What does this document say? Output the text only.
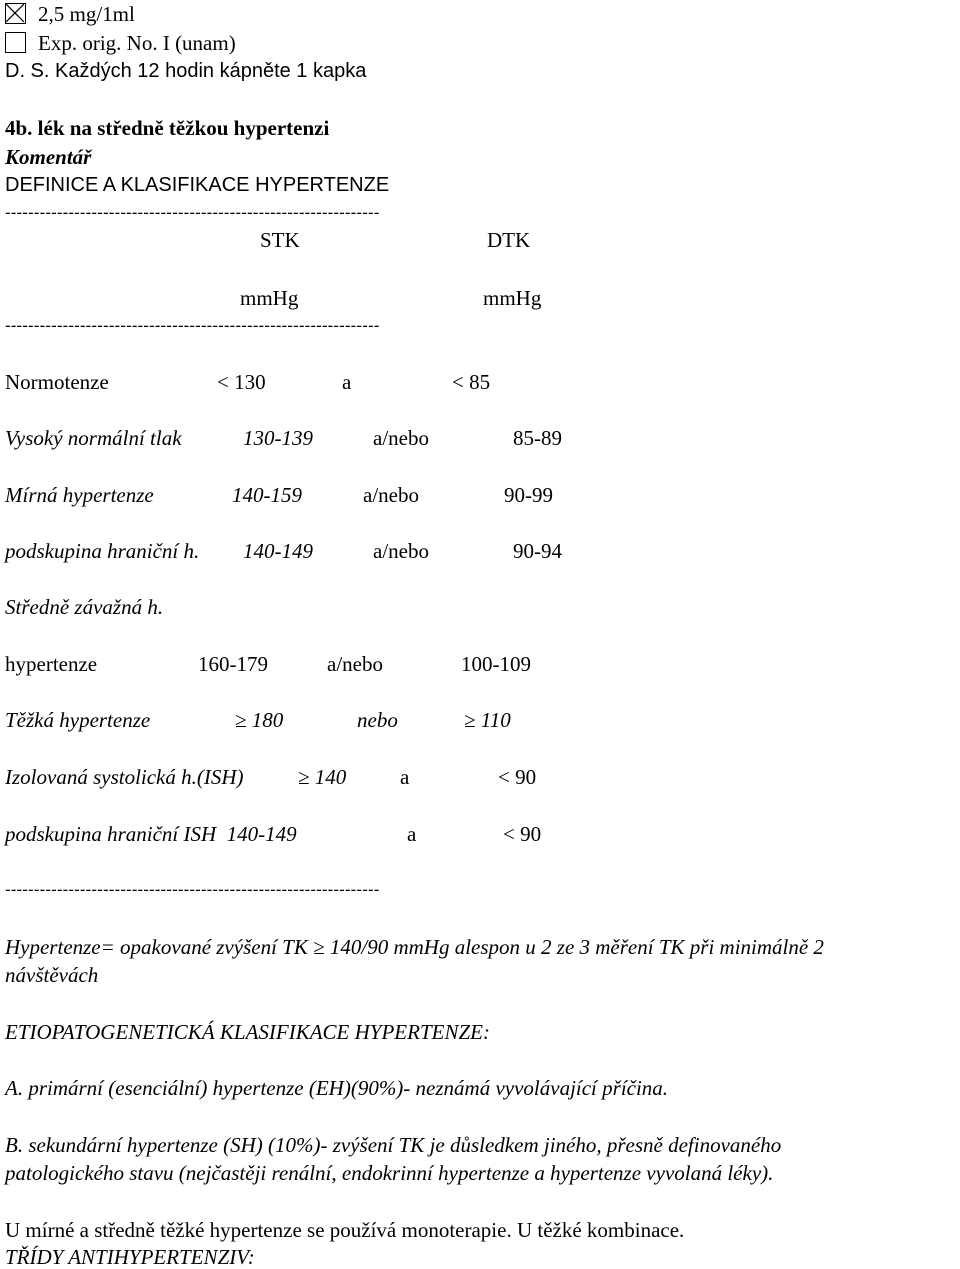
2,5 mg/1ml
Exp. orig. No. I (unam)
D. S. Každých 12 hodin kápněte 1 kapka
4b. lék na středně těžkou hypertenzi
Komentář
DEFINICE A KLASIFIKACE HYPERTENZE
-----------------------------------------------------------------
STK	DTK
mmHg	mmHg
-----------------------------------------------------------------
Normotenze	< 130	a	< 85
Vysoký normální tlak	130-139	a/nebo	85-89
Mírná hypertenze	140-159	a/nebo	90-99
podskupina hraniční h. 140-149	a/nebo	90-94
Středně závažná h.
hypertenze	160-179	a/nebo	100-109
Těžká hypertenze	≥ 180	nebo	≥ 110
Izolovaná systolická h.(ISH)	≥ 140	a	< 90
podskupina hraniční ISH  140-149	a	< 90
-----------------------------------------------------------------
Hypertenze= opakované zvýšení TK ≥ 140/90 mmHg alespon u 2 ze 3 měření TK při minimálně 2
návštěvách
ETIOPATOGENETICKÁ KLASIFIKACE HYPERTENZE:
A. primární (esenciální) hypertenze (EH)(90%)- neznámá vyvolávající příčina.
B. sekundární hypertenze (SH) (10%)- zvýšení TK je důsledkem jiného, přesně definovaného
patologického stavu (nejčastěji renální, endokrinní hypertenze a hypertenze vyvolaná léky).
U mírné a středně těžké hypertenze se používá monoterapie. U těžké kombinace.
TŘÍDY ANTIHYPERTENZIV:
